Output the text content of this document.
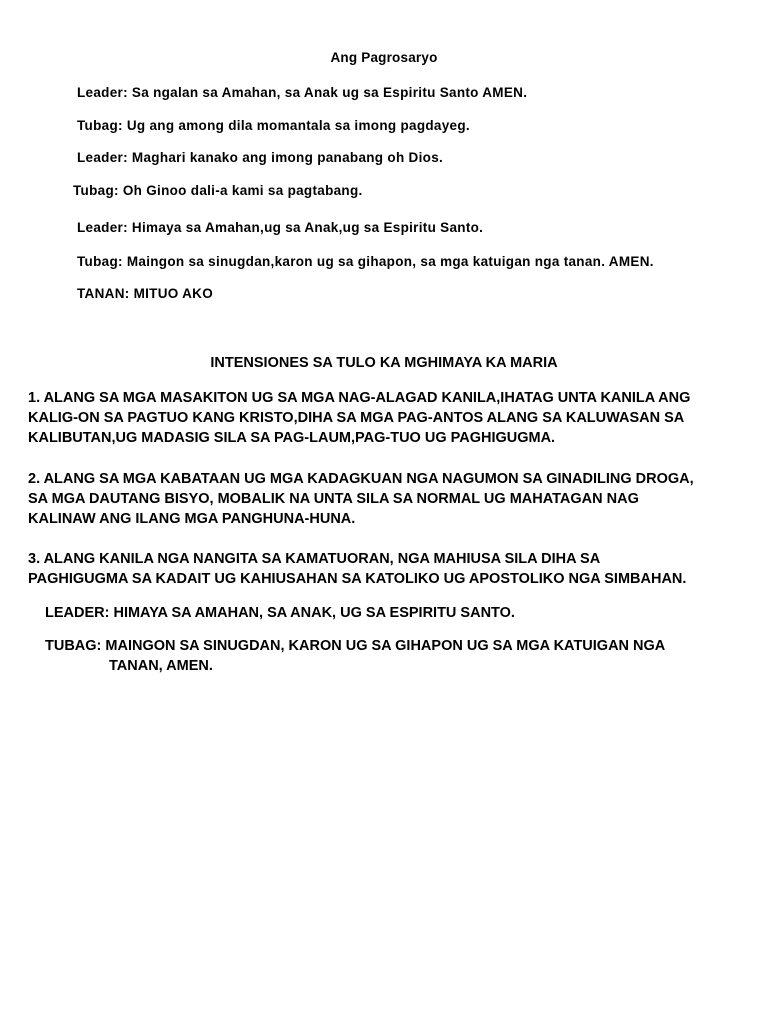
Ang Pagrosaryo
Leader: Sa ngalan sa Amahan, sa Anak ug sa Espiritu Santo AMEN.
Tubag: Ug ang among dila momantala sa imong pagdayeg.
Leader: Maghari kanako ang imong panabang oh Dios.
Tubag: Oh Ginoo dali-a kami sa pagtabang.
Leader: Himaya sa Amahan,ug sa Anak,ug sa Espiritu Santo.
Tubag: Maingon sa sinugdan,karon ug sa gihapon, sa mga katuigan nga tanan. AMEN.
TANAN: MITUO AKO
INTENSIONES SA TULO KA MGHIMAYA KA MARIA
1. ALANG SA MGA MASAKITON UG SA MGA NAG-ALAGAD KANILA,IHATAG UNTA KANILA ANG
KALIG-ON SA PAGTUO KANG KRISTO,DIHA SA MGA PAG-ANTOS ALANG SA KALUWASAN SA
KALIBUTAN,UG MADASIG SILA SA PAG-LAUM,PAG-TUO UG PAGHIGUGMA.
2. ALANG SA MGA KABATAAN UG MGA KADAGKUAN NGA NAGUMON SA GINADILING DROGA,
SA MGA DAUTANG BISYO, MOBALIK NA UNTA SILA SA NORMAL UG MAHATAGAN NAG
KALINAW ANG ILANG MGA PANGHUNA-HUNA.
3. ALANG KANILA NGA NANGITA SA KAMATUORAN, NGA MAHIUSA SILA DIHA SA
PAGHIGUGMA SA KADAIT UG KAHIUSAHAN SA KATOLIKO UG APOSTOLIKO NGA SIMBAHAN.
LEADER: HIMAYA SA AMAHAN, SA ANAK, UG SA ESPIRITU SANTO.
TUBAG: MAINGON SA SINUGDAN, KARON UG SA GIHAPON UG SA MGA KATUIGAN NGA
TANAN, AMEN.
